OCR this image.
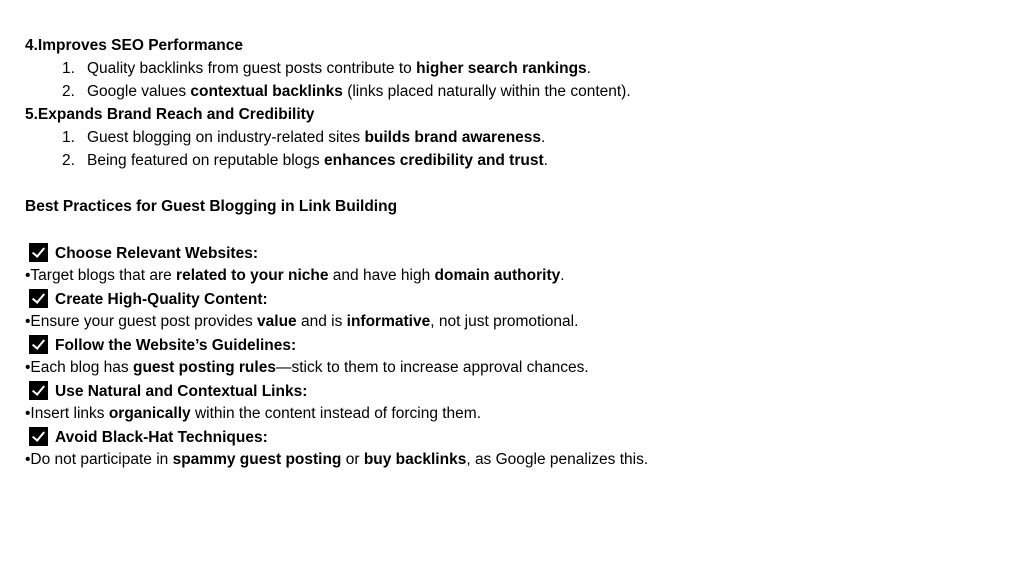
4.Improves SEO Performance
1. Quality backlinks from guest posts contribute to higher search rankings.
2. Google values contextual backlinks (links placed naturally within the content).
5.Expands Brand Reach and Credibility
1. Guest blogging on industry-related sites builds brand awareness.
2. Being featured on reputable blogs enhances credibility and trust.
Best Practices for Guest Blogging in Link Building
Choose Relevant Websites:
•Target blogs that are related to your niche and have high domain authority.
Create High-Quality Content:
•Ensure your guest post provides value and is informative, not just promotional.
Follow the Website’s Guidelines:
•Each blog has guest posting rules—stick to them to increase approval chances.
Use Natural and Contextual Links:
•Insert links organically within the content instead of forcing them.
Avoid Black-Hat Techniques:
•Do not participate in spammy guest posting or buy backlinks, as Google penalizes this.
